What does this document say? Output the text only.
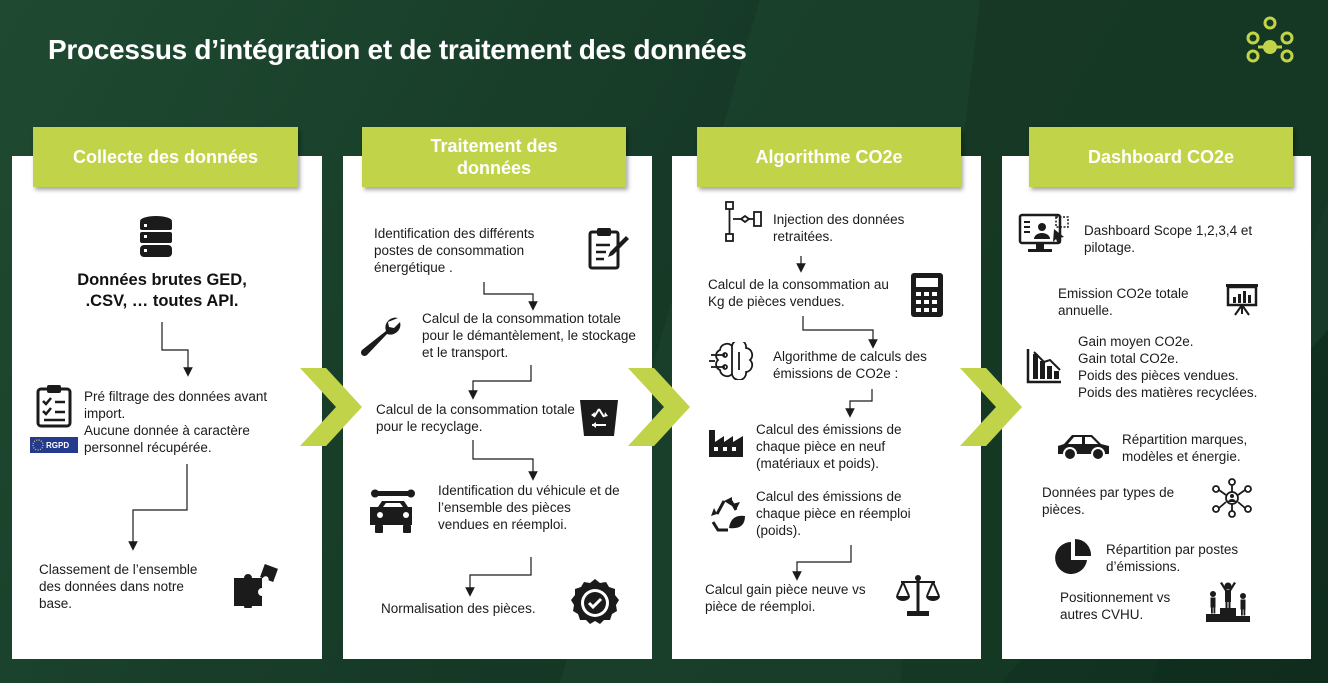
Processus d’intégration et de traitement des données
Collecte des données
Traitement des données
Algorithme CO2e	Dashboard CO2e
Données brutes GED, .CSV, … toutes API.
RGPD
Pré filtrage des données avant import.
Aucune donnée à caractère personnel récupérée.
Classement de l’ensemble des données dans notre base.
Identification des différents postes de consommation énergétique .
Calcul de la consommation totale pour le démantèlement, le stockage et le transport.
Calcul de la consommation totale pour le recyclage.
Identification du véhicule et de l’ensemble des pièces vendues en réemploi.
Normalisation des pièces.
Injection des données retraitées.
Calcul de la consommation au Kg de pièces vendues.
Algorithme de calculs des émissions de CO2e :
Calcul des émissions de chaque pièce en neuf (matériaux et poids).
Calcul des émissions de chaque pièce en réemploi (poids).
Calcul gain pièce neuve vs pièce de réemploi.
Dashboard Scope 1,2,3,4 et pilotage.
Emission CO2e totale annuelle.
Gain moyen CO2e.
Gain total CO2e.
Poids des pièces vendues.
Poids des matières recyclées.
Répartition marques, modèles et énergie.
Données par types de pièces.
Répartition par postes d’émissions.
Positionnement vs autres CVHU.
